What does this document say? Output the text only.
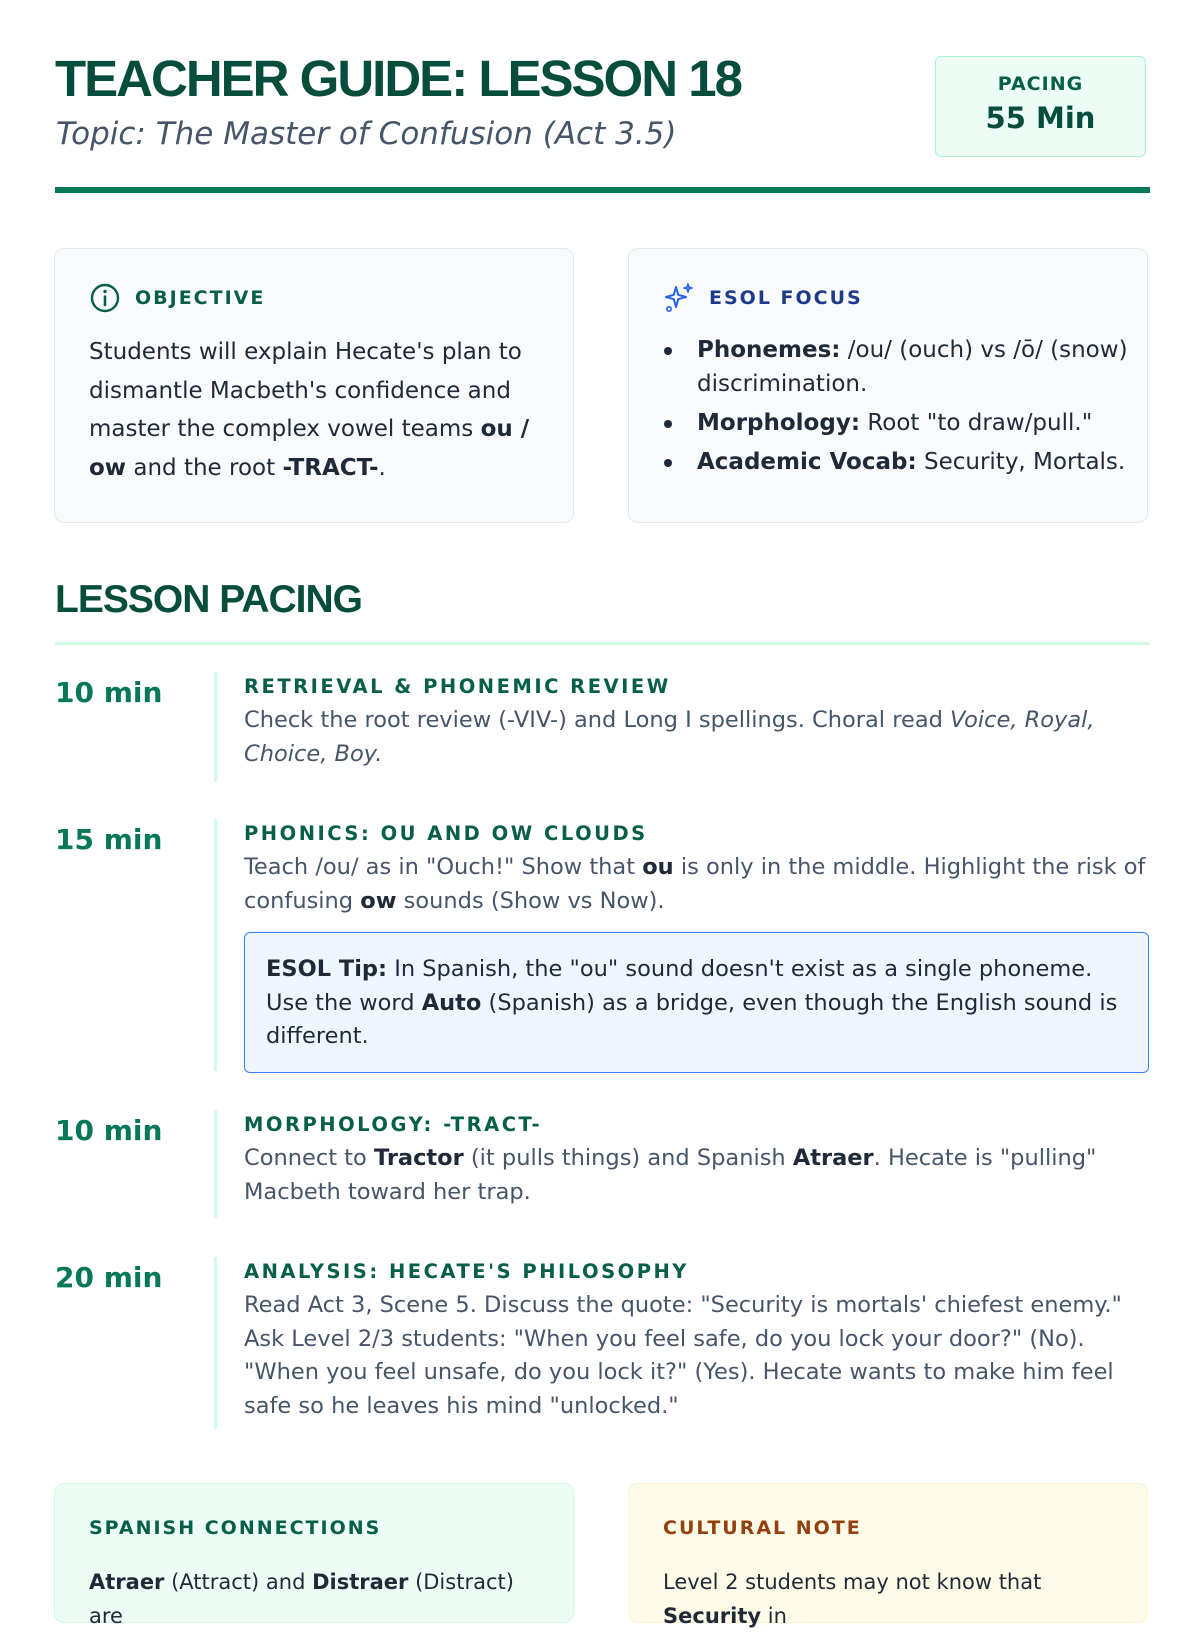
TEACHER GUIDE: LESSON 18

Topic: The Master of Confusion (Act 3.5)

PACING
55 Min
OBJECTIVE
Students will explain Hecate's plan to dismantle Macbeth's confidence and master the complex vowel teams ou / ow and the root -TRACT-.
ESOL FOCUS
Phonemes: /ou/ (ouch) vs /ō/ (snow) discrimination.
Morphology: Root "to draw/pull."
Academic Vocab: Security, Mortals.
LESSON PACING
10 min	RETRIEVAL & PHONEMIC REVIEW
Check the root review (-VIV-) and Long I spellings. Choral read Voice, Royal, Choice, Boy.
15 min	PHONICS: OU AND OW CLOUDS
Teach /ou/ as in "Ouch!" Show that ou is only in the middle. Highlight the risk of confusing ow sounds (Show vs Now).
ESOL Tip: In Spanish, the "ou" sound doesn't exist as a single phoneme. Use the word Auto (Spanish) as a bridge, even though the English sound is different.
10 min	MORPHOLOGY: -TRACT-
Connect to Tractor (it pulls things) and Spanish Atraer. Hecate is "pulling" Macbeth toward her trap.
20 min	ANALYSIS: HECATE'S PHILOSOPHY
Read Act 3, Scene 5. Discuss the quote: "Security is mortals' chiefest enemy." Ask Level 2/3 students: "When you feel safe, do you lock your door?" (No). "When you feel unsafe, do you lock it?" (Yes). Hecate wants to make him feel safe so he leaves his mind "unlocked."
SPANISH CONNECTIONS
Atraer (Attract) and Distraer (Distract) are
CULTURAL NOTE
Level 2 students may not know that Security in
